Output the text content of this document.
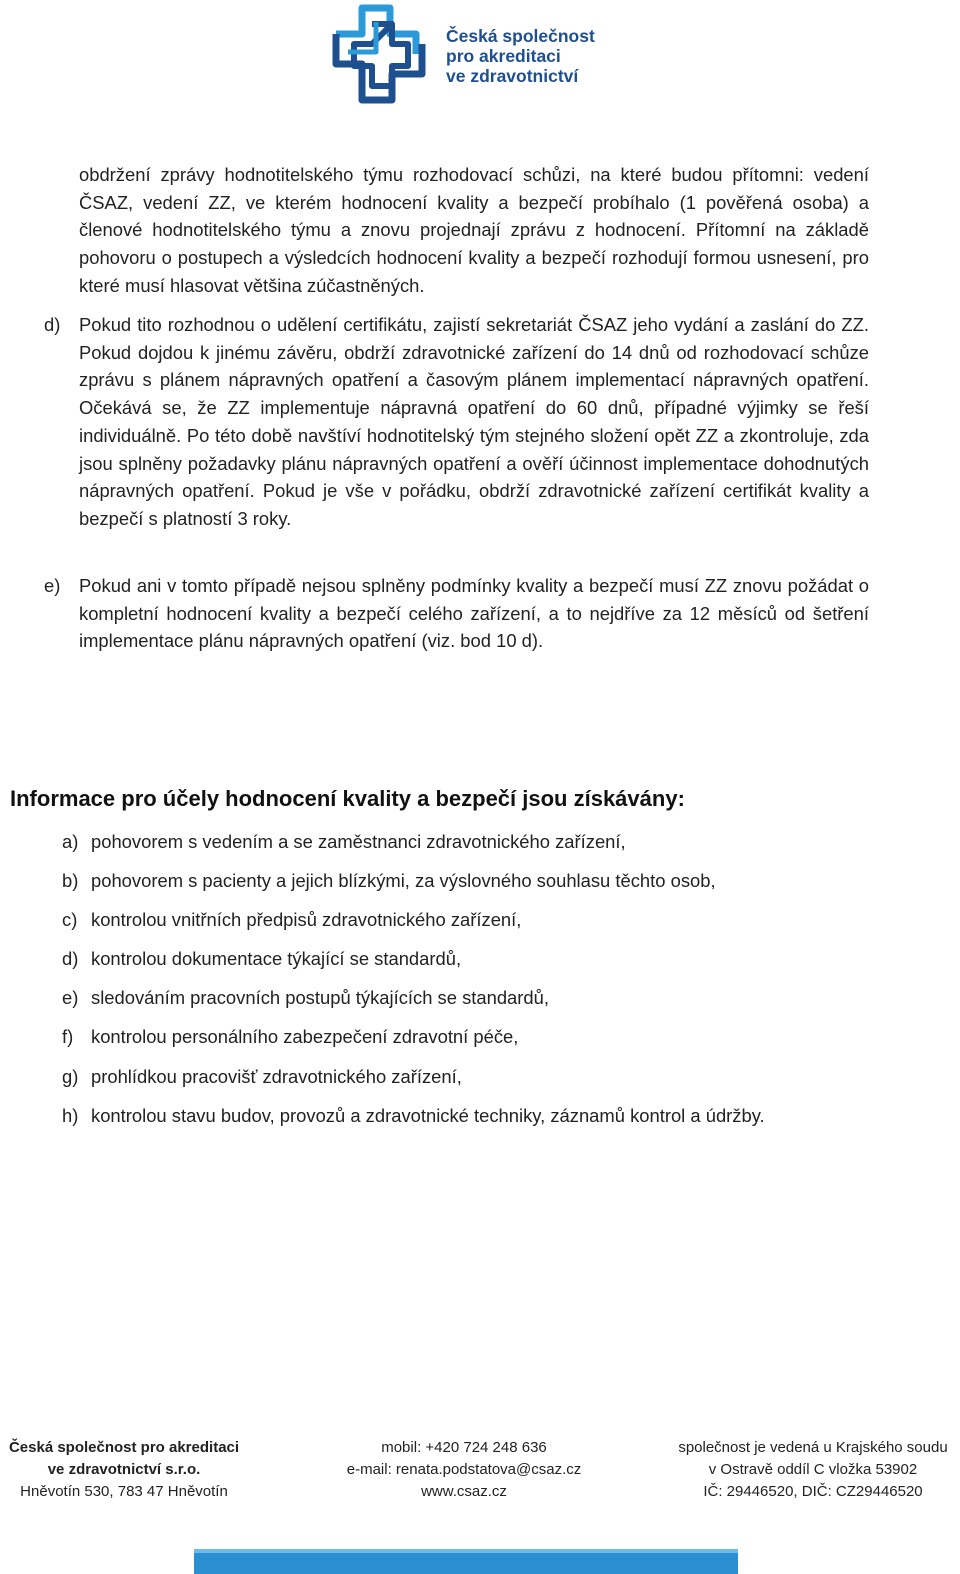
Česká společnost
pro akreditaci
ve zdravotnictví
obdržení zprávy hodnotitelského týmu rozhodovací schůzi, na které budou přítomni: vedení ČSAZ, vedení ZZ, ve kterém hodnocení kvality a bezpečí probíhalo (1 pověřená osoba) a členové hodnotitelského týmu a znovu projednají zprávu z hodnocení. Přítomní na základě pohovoru o postupech a výsledcích hodnocení kvality a bezpečí rozhodují formou usnesení, pro které musí hlasovat většina zúčastněných.
d)	Pokud tito rozhodnou o udělení certifikátu, zajistí sekretariát ČSAZ jeho vydání a zaslání do ZZ. Pokud dojdou k jinému závěru, obdrží zdravotnické zařízení do 14 dnů od rozhodovací schůze zprávu s plánem nápravných opatření a časovým plánem implementací nápravných opatření. Očekává se, že ZZ implementuje nápravná opatření do 60 dnů, případné výjimky se řeší individuálně. Po této době navštíví hodnotitelský tým stejného složení opět ZZ a zkontroluje, zda jsou splněny požadavky plánu nápravných opatření a ověří účinnost implementace dohodnutých nápravných opatření. Pokud je vše v pořádku, obdrží zdravotnické zařízení certifikát kvality a bezpečí s platností 3 roky.
e)	Pokud ani v tomto případě nejsou splněny podmínky kvality a bezpečí musí ZZ znovu požádat o kompletní hodnocení kvality a bezpečí celého zařízení, a to nejdříve za 12 měsíců od šetření implementace plánu nápravných opatření (viz. bod 10 d).
Informace pro účely hodnocení kvality a bezpečí jsou získávány:
a) pohovorem s vedením a se zaměstnanci zdravotnického zařízení,
b) pohovorem s pacienty a jejich blízkými, za výslovného souhlasu těchto osob,
c) kontrolou vnitřních předpisů zdravotnického zařízení,
d) kontrolou dokumentace týkající se standardů,
e) sledováním pracovních postupů týkajících se standardů,
f) kontrolou personálního zabezpečení zdravotní péče,
g) prohlídkou pracovišť zdravotnického zařízení,
h) kontrolou stavu budov, provozů a zdravotnické techniky, záznamů kontrol a údržby.
Česká společnost pro akreditaci
ve zdravotnictví s.r.o.
Hněvotín 530, 783 47 Hněvotín
mobil: +420 724 248 636
e-mail: renata.podstatova@csaz.cz
www.csaz.cz
společnost je vedená u Krajského soudu
v Ostravě oddíl C vložka 53902
IČ: 29446520, DIČ: CZ29446520
